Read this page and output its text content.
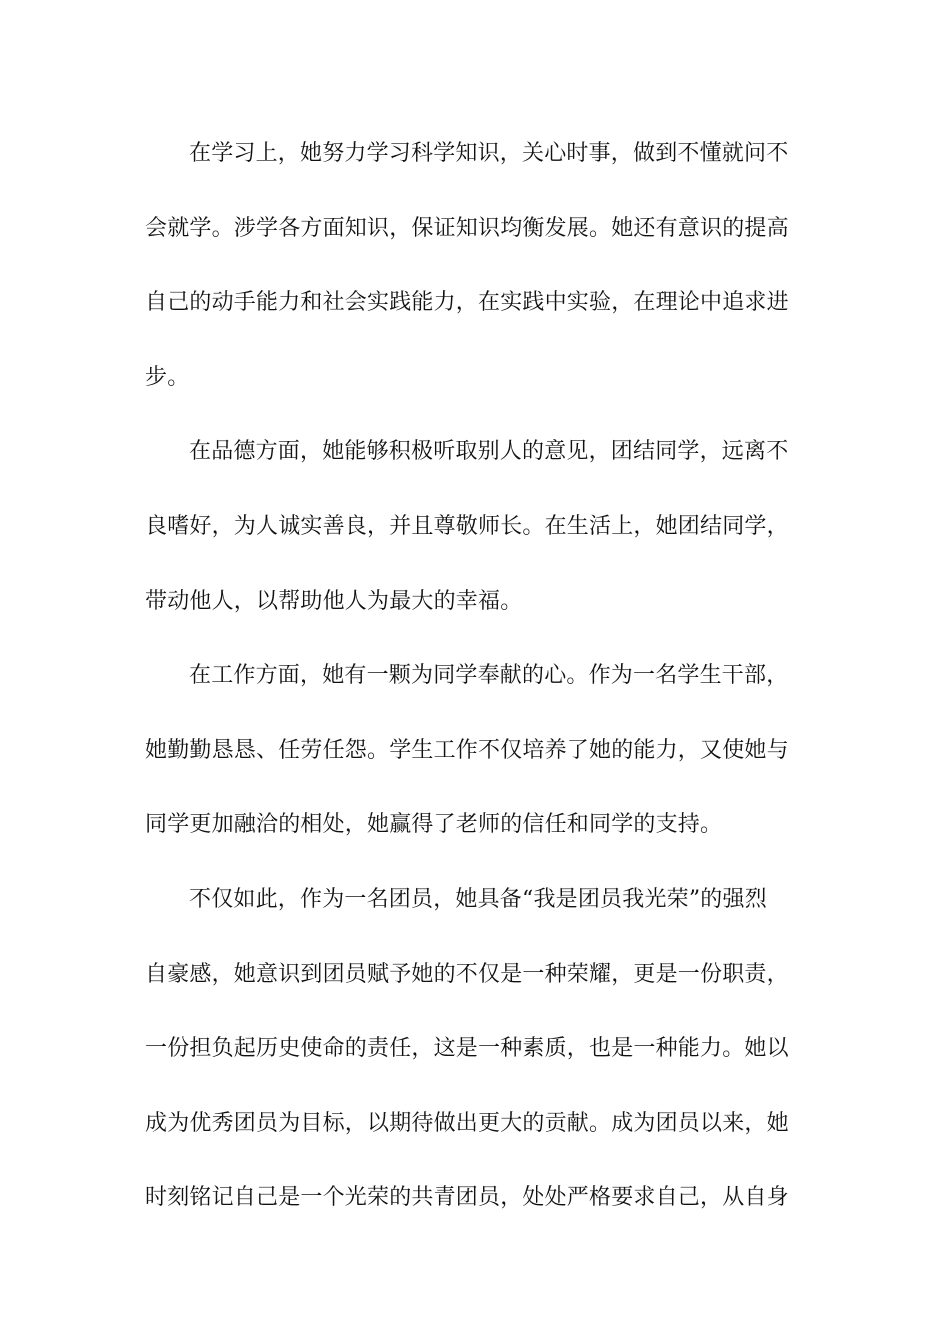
在学习上，她努力学习科学知识，关心时事，做到不懂就问不
会就学。涉学各方面知识，保证知识均衡发展。她还有意识的提高
自己的动手能力和社会实践能力，在实践中实验，在理论中追求进
步。
在品德方面，她能够积极听取别人的意见，团结同学，远离不
良嗜好，为人诚实善良，并且尊敬师长。在生活上，她团结同学，
带动他人，以帮助他人为最大的幸福。
在工作方面，她有一颗为同学奉献的心。作为一名学生干部，
她勤勤恳恳、任劳任怨。学生工作不仅培养了她的能力，又使她与
同学更加融洽的相处，她赢得了老师的信任和同学的支持。
不仅如此，作为一名团员，她具备“我是团员我光荣”的强烈
自豪感，她意识到团员赋予她的不仅是一种荣耀，更是一份职责，
一份担负起历史使命的责任，这是一种素质，也是一种能力。她以
成为优秀团员为目标，以期待做出更大的贡献。成为团员以来，她
时刻铭记自己是一个光荣的共青团员，处处严格要求自己，从自身
